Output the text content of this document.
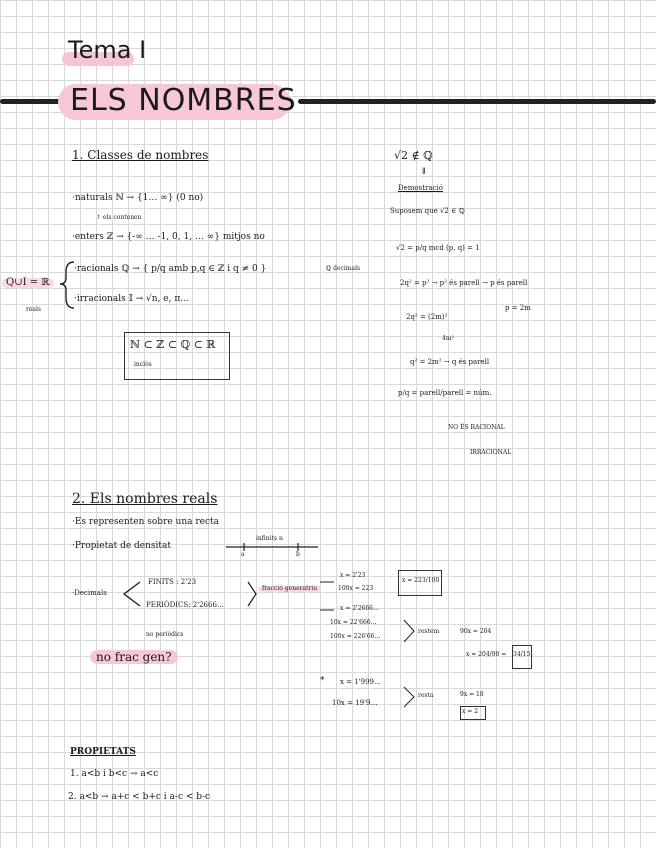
Tema I
ELS NOMBRES
1. Classes de nombres
·naturals ℕ → {1… ∞} (0 no)
↑ els contenen
·enters ℤ → {-∞ … -1, 0, 1, … ∞} mitjos no
Q∪I = ℝ
reals
·racionals ℚ → { p/q amb p,q ∈ ℤ i q ≠ 0 }	ℚ decimals
·irracionals 𝕀 → √n, e, π…
ℕ ⊂ ℤ ⊂ ℚ ⊂ ℝ
inclòs
√2 ∉ ℚ
⇓
Demostració
Suposem que √2 ∈ ℚ
√2 = p/q mcd (p, q) = 1
2q² = p² → p² és parell → p és parell
p = 2m
2q² = (2m)²
4m²
q² = 2m² → q és parell
p/q = parell/parell = núm.
NO ÉS RACIONAL
IRRACIONAL
2. Els nombres reals
·Es representen sobre una recta
·Propietat de densitat
infinits n
a	b
·Decimals
FINITS : 2'23
PERIÒDICS: 2'2666…
no periòdics
no frac gen?
fracció generatriu
x = 2'23
100x = 223
x = 223/100
x = 2'2666…
10x = 22'666…
100x = 226'66…
restem	90x = 204
x = 204/90 = 34/15
* x = 1'999…
10x = 19'9…
resta	9x = 18
x = 2
PROPIETATS
1. a<b i b<c → a<c
2. a<b → a+c < b+c i a-c < b-c
